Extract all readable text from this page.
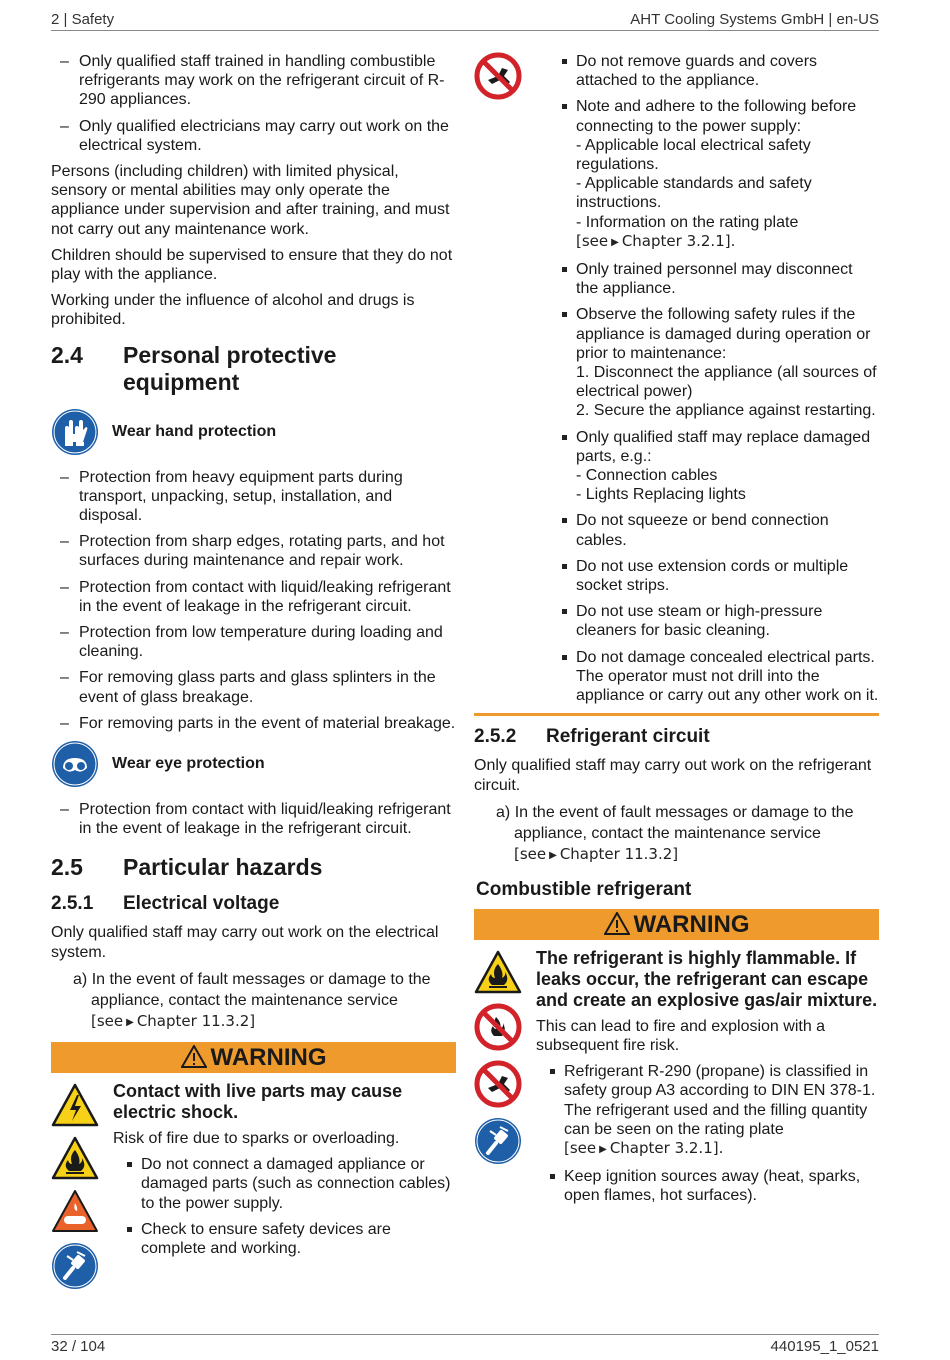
2 | Safety	AHT Cooling Systems GmbH | en-US
– Only qualified staff trained in handling combustible refrigerants may work on the refrigerant circuit of R-290 appliances.
– Only qualified electricians may carry out work on the electrical system.

Persons (including children) with limited physical, sensory or mental abilities may only operate the appliance under supervision and after training, and must not carry out any maintenance work.

Children should be supervised to ensure that they do not play with the appliance.

Working under the influence of alcohol and drugs is prohibited.

2.4	Personal protective equipment
Wear hand protection
– Protection from heavy equipment parts during transport, unpacking, setup, installation, and disposal.
– Protection from sharp edges, rotating parts, and hot surfaces during maintenance and repair work.
– Protection from contact with liquid/leaking refrigerant in the event of leakage in the refrigerant circuit.
– Protection from low temperature during loading and cleaning.
– For removing glass parts and glass splinters in the event of glass breakage.
– For removing parts in the event of material breakage.
Wear eye protection
– Protection from contact with liquid/leaking refrigerant in the event of leakage in the refrigerant circuit.
2.5	Particular hazards
2.5.1	Electrical voltage

Only qualified staff may carry out work on the electrical system.

a) In the event of fault messages or damage to the appliance, contact the maintenance service
[see ▶ Chapter 11.3.2]
WARNING

Contact with live parts may cause electric shock.

Risk of fire due to sparks or overloading.

Do not connect a damaged appliance or damaged parts (such as connection cables) to the power supply.
Check to ensure safety devices are complete and working.
Do not remove guards and covers attached to the appliance.
Note and adhere to the following before connecting to the power supply:
- Applicable local electrical safety regulations.
- Applicable standards and safety instructions.
- Information on the rating plate
[see ▶ Chapter 3.2.1].
Only trained personnel may disconnect the appliance.
Observe the following safety rules if the appliance is damaged during operation or prior to maintenance:
1. Disconnect the appliance (all sources of electrical power)
2. Secure the appliance against restarting.
Only qualified staff may replace damaged parts, e.g.:
- Connection cables
- Lights Replacing lights
Do not squeeze or bend connection cables.
Do not use extension cords or multiple socket strips.
Do not use steam or high-pressure cleaners for basic cleaning.
Do not damage concealed electrical parts. The operator must not drill into the appliance or carry out any other work on it.
2.5.2	Refrigerant circuit

Only qualified staff may carry out work on the refrigerant circuit.

a) In the event of fault messages or damage to the appliance, contact the maintenance service
[see ▶ Chapter 11.3.2]
Combustible refrigerant
WARNING

The refrigerant is highly flammable. If leaks occur, the refrigerant can escape and create an explosive gas/air mixture.

This can lead to fire and explosion with a subsequent fire risk.

Refrigerant R-290 (propane) is classified in safety group A3 according to DIN EN 378-1. The refrigerant used and the filling quantity can be seen on the rating plate
[see ▶ Chapter 3.2.1].
Keep ignition sources away (heat, sparks, open flames, hot surfaces).
32 / 104	440195_1_0521
